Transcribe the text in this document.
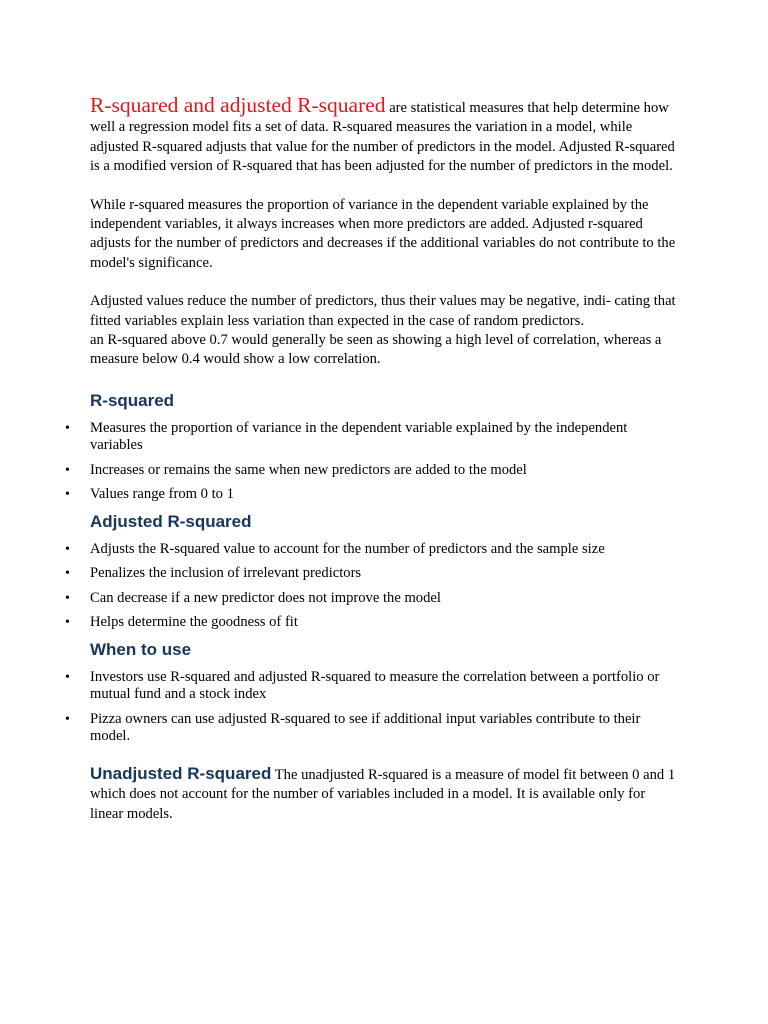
R-squared and adjusted R-squared are statistical measures that help determine how well a regression model fits a set of data. R-squared measures the variation in a model, while adjusted R-squared adjusts that value for the number of predictors in the model. Adjusted R-squared is a modified version of R-squared that has been adjusted for the number of predictors in the model.

While r-squared measures the proportion of variance in the dependent variable explained by the independent variables, it always increases when more predictors are added. Adjusted r-squared adjusts for the number of predictors and decreases if the additional variables do not contribute to the model's significance.

Adjusted values reduce the number of predictors, thus their values may be negative, indi- cating that fitted variables explain less variation than expected in the case of random predictors.
an R-squared above 0.7 would generally be seen as showing a high level of correlation, whereas a measure below 0.4 would show a low correlation.

R-squared
• Measures the proportion of variance in the dependent variable explained by the independent variables
• Increases or remains the same when new predictors are added to the model
• Values range from 0 to 1
Adjusted R-squared
• Adjusts the R-squared value to account for the number of predictors and the sample size
• Penalizes the inclusion of irrelevant predictors
• Can decrease if a new predictor does not improve the model
• Helps determine the goodness of fit
When to use
• Investors use R-squared and adjusted R-squared to measure the correlation between a portfolio or mutual fund and a stock index
• Pizza owners can use adjusted R-squared to see if additional input variables contribute to their model.

Unadjusted R-squared The unadjusted R-squared is a measure of model fit between 0 and 1 which does not account for the number of variables included in a model. It is available only for linear models.
